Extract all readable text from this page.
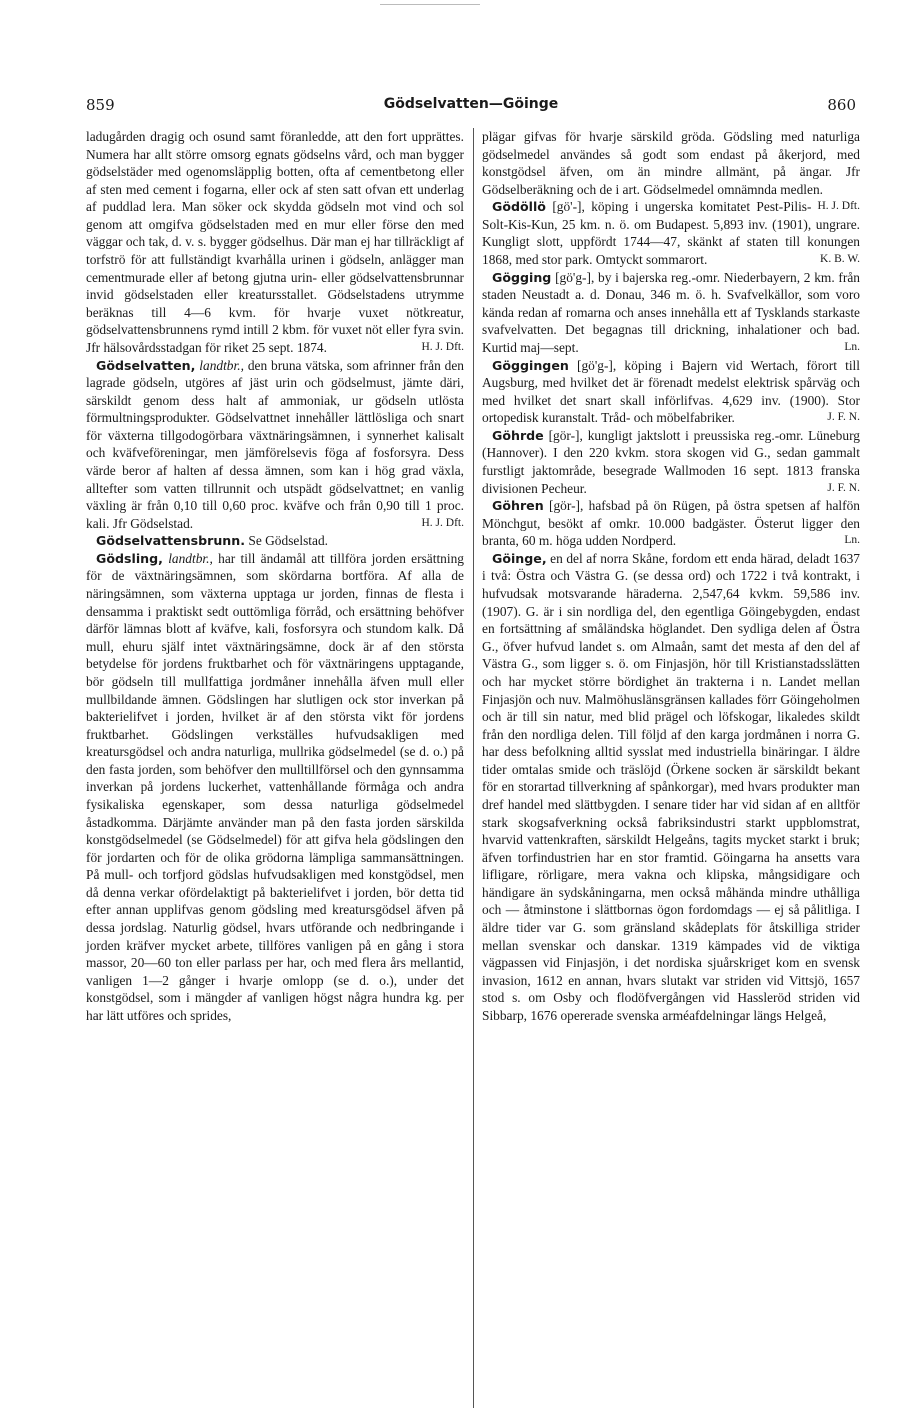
859	Gödselvatten—Göinge	860

ladugården dragig och osund samt föranledde, att den fort upprättes. Numera har allt större omsorg egnats gödselns vård, och man bygger gödselstäder med ogenomsläpplig botten, ofta af cementbetong eller af sten med cement i fogarna, eller ock af sten satt ofvan ett underlag af puddlad lera. Man söker ock skydda gödseln mot vind och sol genom att omgifva gödselstaden med en mur eller förse den med väggar och tak, d. v. s. bygger gödselhus. Där man ej har tillräckligt af torfströ för att fullständigt kvarhålla urinen i gödseln, anlägger man cementmurade eller af betong gjutna urin- eller gödselvattensbrunnar invid gödselstaden eller kreatursstallet. Gödselstadens utrymme beräknas till 4—6 kvm. för hvarje vuxet nötkreatur, gödselvattensbrunnens rymd intill 2 kbm. för vuxet nöt eller fyra svin. Jfr hälsovårdsstadgan för riket 25 sept. 1874.	H. J. Dft.

Gödselvatten, landtbr., den bruna vätska, som afrinner från den lagrade gödseln, utgöres af jäst urin och gödselmust, jämte däri, särskildt genom dess halt af ammoniak, ur gödseln utlösta förmultningsprodukter. Gödselvattnet innehåller lättlösliga och snart för växterna tillgodogörbara växtnäringsämnen, i synnerhet kalisalt och kväfveföreningar, men jämförelsevis föga af fosforsyra. Dess värde beror af halten af dessa ämnen, som kan i hög grad växla, alltefter som vatten tillrunnit och utspädt gödselvattnet; en vanlig växling är från 0,10 till 0,60 proc. kväfve och från 0,90 till 1 proc. kali. Jfr Gödselstad.	H. J. Dft.

Gödselvattensbrunn. Se Gödselstad.

Gödsling, landtbr., har till ändamål att tillföra jorden ersättning för de växtnäringsämnen, som skördarna bortföra. Af alla de näringsämnen, som växterna upptaga ur jorden, finnas de flesta i densamma i praktiskt sedt outtömliga förråd, och ersättning behöfver därför lämnas blott af kväfve, kali, fosforsyra och stundom kalk. Då mull, ehuru själf intet växtnäringsämne, dock är af den största betydelse för jordens fruktbarhet och för växtnäringens upptagande, bör gödseln till mullfattiga jordmåner innehålla äfven mull eller mullbildande ämnen. Gödslingen har slutligen ock stor inverkan på bakterielifvet i jorden, hvilket är af den största vikt för jordens fruktbarhet. Gödslingen verkställes hufvudsakligen med kreatursgödsel och andra naturliga, mullrika gödselmedel (se d. o.) på den fasta jorden, som behöfver den mulltillförsel och den gynnsamma inverkan på jordens luckerhet, vattenhållande förmåga och andra fysikaliska egenskaper, som dessa naturliga gödselmedel åstadkomma. Därjämte använder man på den fasta jorden särskilda konstgödselmedel (se Gödselmedel) för att gifva hela gödslingen den för jordarten och för de olika grödorna lämpliga sammansättningen. På mull- och torfjord gödslas hufvudsakligen med konstgödsel, men då denna verkar ofördelaktigt på bakterielifvet i jorden, bör detta tid efter annan upplifvas genom gödsling med kreatursgödsel äfven på dessa jordslag. Naturlig gödsel, hvars utförande och nedbringande i jorden kräfver mycket arbete, tillföres vanligen på en gång i stora massor, 20—60 ton eller parlass per har, och med flera års mellantid, vanligen 1—2 gånger i hvarje omlopp (se d. o.), under det konstgödsel, som i mängder af vanligen högst några hundra kg. per har lätt utföres och sprides,

plägar gifvas för hvarje särskild gröda. Gödsling med naturliga gödselmedel användes så godt som endast på åkerjord, med konstgödsel äfven, om än mindre allmänt, på ängar. Jfr Gödselberäkning och de i art. Gödselmedel omnämnda medlen.
H. J. Dft.

Gödöllö [gö'-], köping i ungerska komitatet Pest-Pilis-Solt-Kis-Kun, 25 km. n. ö. om Budapest. 5,893 inv. (1901), ungrare. Kungligt slott, uppfördt 1744—47, skänkt af staten till konungen 1868, med stor park. Omtyckt sommarort.	K. B. W.

Gögging [gö'g-], by i bajerska reg.-omr. Niederbayern, 2 km. från staden Neustadt a. d. Donau, 346 m. ö. h. Svafvelkällor, som voro kända redan af romarna och anses innehålla ett af Tysklands starkaste svafvelvatten. Det begagnas till drickning, inhalationer och bad. Kurtid maj—sept.	Ln.

Göggingen [gö'g-], köping i Bajern vid Wertach, förort till Augsburg, med hvilket det är förenadt medelst elektrisk spårväg och med hvilket det snart skall införlifvas. 4,629 inv. (1900). Stor ortopedisk kuranstalt. Tråd- och möbelfabriker.	J. F. N.

Göhrde [gör-], kungligt jaktslott i preussiska reg.-omr. Lüneburg (Hannover). I den 220 kvkm. stora skogen vid G., sedan gammalt furstligt jaktområde, besegrade Wallmoden 16 sept. 1813 franska divisionen Pecheur.	J. F. N.

Göhren [gör-], hafsbad på ön Rügen, på östra spetsen af halfön Mönchgut, besökt af omkr. 10.000 badgäster. Österut ligger den branta, 60 m. höga udden Nordperd.	Ln.

Göinge, en del af norra Skåne, fordom ett enda härad, deladt 1637 i två: Östra och Västra G. (se dessa ord) och 1722 i två kontrakt, i hufvudsak motsvarande häraderna. 2,547,64 kvkm. 59,586 inv. (1907). G. är i sin nordliga del, den egentliga Göingebygden, endast en fortsättning af småländska höglandet. Den sydliga delen af Östra G., öfver hufvud landet s. om Almaån, samt det mesta af den del af Västra G., som ligger s. ö. om Finjasjön, hör till Kristianstadsslätten och har mycket större bördighet än trakterna i n. Landet mellan Finjasjön och nuv. Malmöhuslänsgränsen kallades förr Göingeholmen och är till sin natur, med blid prägel och löfskogar, likaledes skildt från den nordliga delen. Till följd af den karga jordmånen i norra G. har dess befolkning alltid sysslat med industriella binäringar. I äldre tider omtalas smide och träslöjd (Örkene socken är särskildt bekant för en storartad tillverkning af spånkorgar), med hvars produkter man dref handel med slättbygden. I senare tider har vid sidan af en alltför stark skogsafverkning också fabriksindustri starkt uppblomstrat, hvarvid vattenkraften, särskildt Helgeåns, tagits mycket starkt i bruk; äfven torfindustrien har en stor framtid. Göingarna ha ansetts vara lifligare, rörligare, mera vakna och klipska, mångsidigare och händigare än sydskåningarna, men också måhända mindre uthålliga och — åtminstone i slättbornas ögon fordomdags — ej så pålitliga. I äldre tider var G. som gränsland skådeplats för åtskilliga strider mellan svenskar och danskar. 1319 kämpades vid de viktiga vägpassen vid Finjasjön, i det nordiska sjuårskriget kom en svensk invasion, 1612 en annan, hvars slutakt var striden vid Vittsjö, 1657 stod s. om Osby och flodöfvergången vid Hassleröd striden vid Sibbarp, 1676 opererade svenska arméafdelningar längs Helgeå,
